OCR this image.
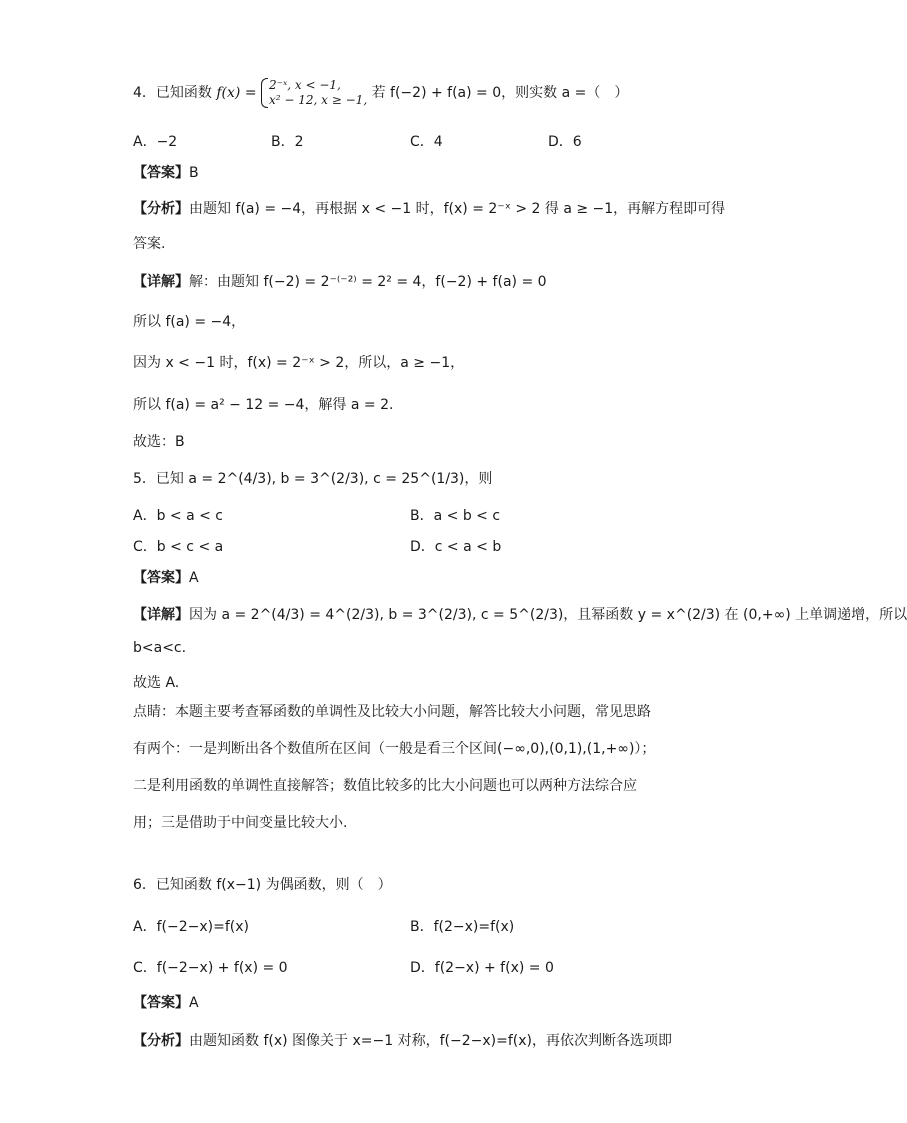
4．已知函数 f(x) = 2⁻ˣ, x < −1,
x² − 12, x ≥ −1, 若 f(−2) + f(a) = 0，则实数 a =（　）
A．−2	B．2	C．4	D．6
【答案】B
【分析】由题知 f(a) = −4，再根据 x < −1 时，f(x) = 2⁻ˣ > 2 得 a ≥ −1，再解方程即可得
答案.
【详解】解：由题知 f(−2) = 2⁻⁽⁻²⁾ = 2² = 4，f(−2) + f(a) = 0
所以 f(a) = −4，
因为 x < −1 时，f(x) = 2⁻ˣ > 2，所以，a ≥ −1，
所以 f(a) = a² − 12 = −4，解得 a = 2.
故选：B
5．已知 a = 2^(4/3), b = 3^(2/3), c = 25^(1/3)，则
A．b < a < c	B．a < b < c
C．b < c < a	D．c < a < b
【答案】A
【详解】因为 a = 2^(4/3) = 4^(2/3), b = 3^(2/3), c = 5^(2/3)，且幂函数 y = x^(2/3) 在 (0,+∞) 上单调递增，所以
b<a<c.
故选 A.
点睛：本题主要考查幂函数的单调性及比较大小问题，解答比较大小问题，常见思路有两个：一是判断出各个数值所在区间（一般是看三个区间(−∞,0),(0,1),(1,+∞)）；二是利用函数的单调性直接解答；数值比较多的比大小问题也可以两种方法综合应用；三是借助于中间变量比较大小.
6．已知函数 f(x−1) 为偶函数，则（　）
A．f(−2−x)=f(x)	B．f(2−x)=f(x)
C．f(−2−x) + f(x) = 0	D．f(2−x) + f(x) = 0
【答案】A
【分析】由题知函数 f(x) 图像关于 x=−1 对称，f(−2−x)=f(x)，再依次判断各选项即
